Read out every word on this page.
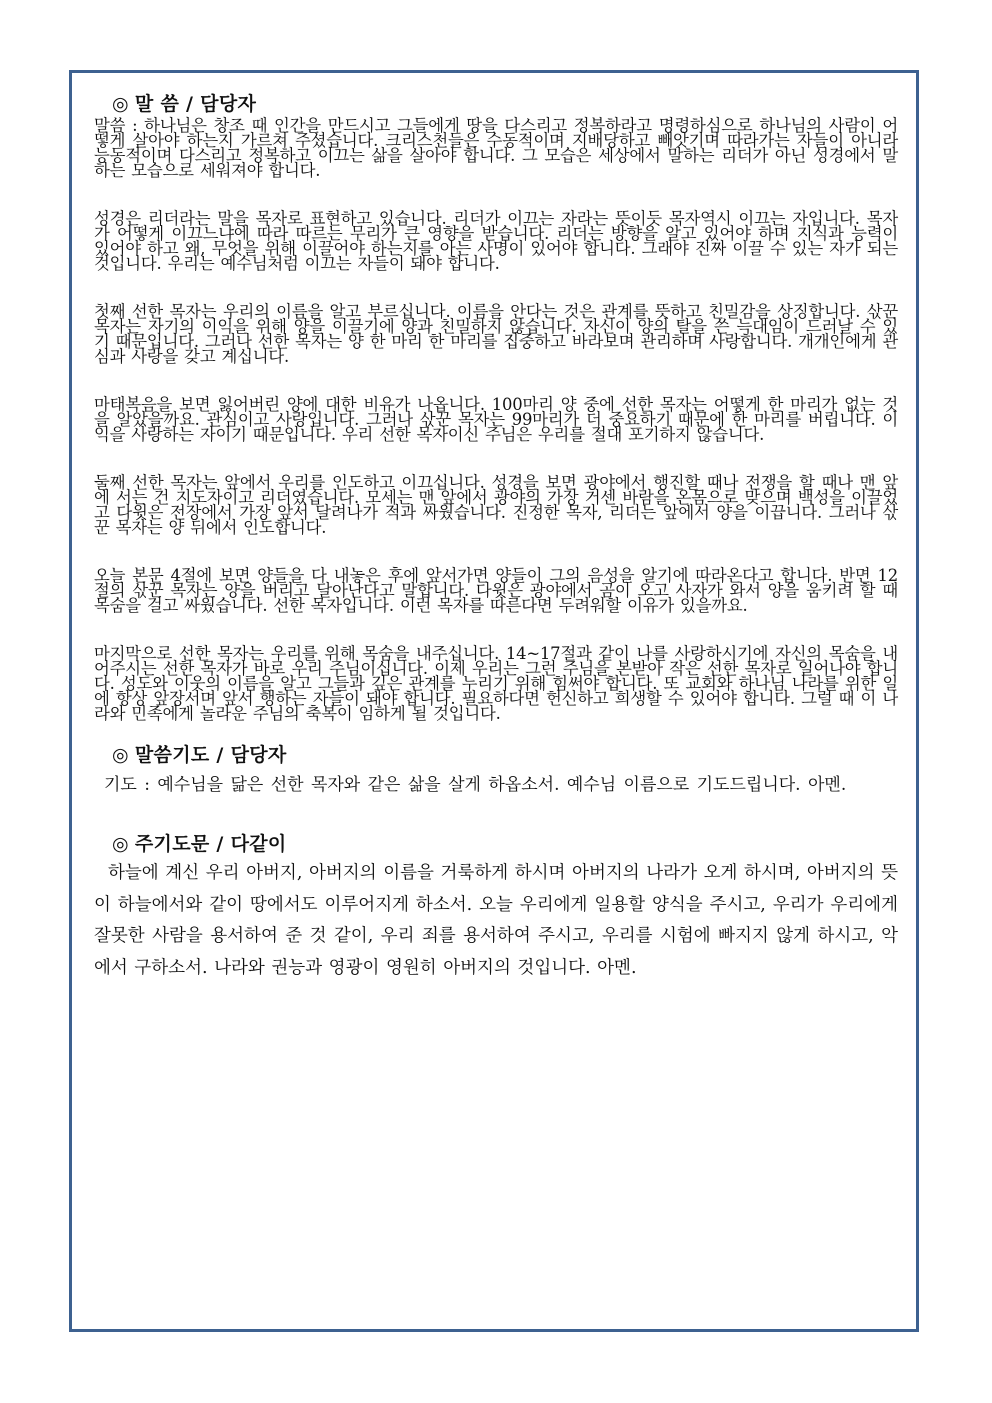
◎ 말 씀 / 담당자

말씀 : 하나님은 창조 때 인간을 만드시고 그들에게 땅을 다스리고 정복하라고 명령하심으로 하나님의 사람이 어떻게 살아야 하는지 가르쳐 주셨습니다. 크리스천들은 수동적이며 지배당하고 빼앗기며 따라가는 자들이 아니라 능동적이며 다스리고 정복하고 이끄는 삶을 살아야 합니다. 그 모습은 세상에서 말하는 리더가 아닌 성경에서 말하는 모습으로 세워져야 합니다.

성경은 리더라는 말을 목자로 표현하고 있습니다. 리더가 이끄는 자라는 뜻이듯 목자역시 이끄는 자입니다. 목자가 어떻게 이끄느냐에 따라 따르는 무리가 큰 영향을 받습니다. 리더는 방향을 알고 있어야 하며 지식과 능력이 있어야 하고 왜, 무엇을 위해 이끌어야 하는지를 아는 사명이 있어야 합니다. 그래야 진짜 이끌 수 있는 자가 되는 것입니다. 우리는 예수님처럼 이끄는 자들이 돼야 합니다.

첫째 선한 목자는 우리의 이름을 알고 부르십니다. 이름을 안다는 것은 관계를 뜻하고 친밀감을 상징합니다. 삯꾼 목자는 자기의 이익을 위해 양을 이끌기에 양과 친밀하지 않습니다. 자신이 양의 탈을 쓴 늑대임이 드러날 수 있기 때문입니다. 그러나 선한 목자는 양 한 마리 한 마리를 집중하고 바라보며 관리하며 사랑합니다. 개개인에게 관심과 사랑을 갖고 계십니다.

마태복음을 보면 잃어버린 양에 대한 비유가 나옵니다. 100마리 양 중에 선한 목자는 어떻게 한 마리가 없는 것을 알았을까요. 관심이고 사랑입니다. 그러나 삯꾼 목자는 99마리가 더 중요하기 때문에 한 마리를 버립니다. 이익을 사랑하는 자이기 때문입니다. 우리 선한 목자이신 주님은 우리를 절대 포기하지 않습니다.

둘째 선한 목자는 앞에서 우리를 인도하고 이끄십니다. 성경을 보면 광야에서 행진할 때나 전쟁을 할 때나 맨 앞에 서는 건 지도자이고 리더였습니다. 모세는 맨 앞에서 광야의 가장 거센 바람을 온몸으로 맞으며 백성을 이끌었고 다윗은 전장에서 가장 앞서 달려나가 적과 싸웠습니다. 진정한 목자, 리더는 앞에서 양을 이끕니다. 그러나 삯꾼 목자는 양 뒤에서 인도합니다.

오늘 본문 4절에 보면 양들을 다 내놓은 후에 앞서가면 양들이 그의 음성을 알기에 따라온다고 합니다. 반면 12절의 삯꾼 목자는 양을 버리고 달아난다고 말합니다. 다윗은 광야에서 곰이 오고 사자가 와서 양을 움키려 할 때 목숨을 걸고 싸웠습니다. 선한 목자입니다. 이런 목자를 따른다면 두려워할 이유가 있을까요.

마지막으로 선한 목자는 우리를 위해 목숨을 내주십니다. 14~17절과 같이 나를 사랑하시기에 자신의 목숨을 내어주시는 선한 목자가 바로 우리 주님이십니다. 이제 우리는 그런 주님을 본받아 작은 선한 목자로 일어나야 합니다. 성도와 이웃의 이름을 알고 그들과 깊은 관계를 누리기 위해 힘써야 합니다. 또 교회와 하나님 나라를 위한 일에 항상 앞장서며 앞서 행하는 자들이 돼야 합니다. 필요하다면 헌신하고 희생할 수 있어야 합니다. 그럴 때 이 나라와 민족에게 놀라운 주님의 축복이 임하게 될 것입니다.

◎ 말씀기도 / 담당자

기도 : 예수님을 닮은 선한 목자와 같은 삶을 살게 하옵소서. 예수님 이름으로 기도드립니다. 아멘.

◎ 주기도문 / 다같이

하늘에 계신 우리 아버지, 아버지의 이름을 거룩하게 하시며 아버지의 나라가 오게 하시며, 아버지의 뜻이 하늘에서와 같이 땅에서도 이루어지게 하소서. 오늘 우리에게 일용할 양식을 주시고, 우리가 우리에게 잘못한 사람을 용서하여 준 것 같이, 우리 죄를 용서하여 주시고, 우리를 시험에 빠지지 않게 하시고, 악에서 구하소서. 나라와 권능과 영광이 영원히 아버지의 것입니다. 아멘.
